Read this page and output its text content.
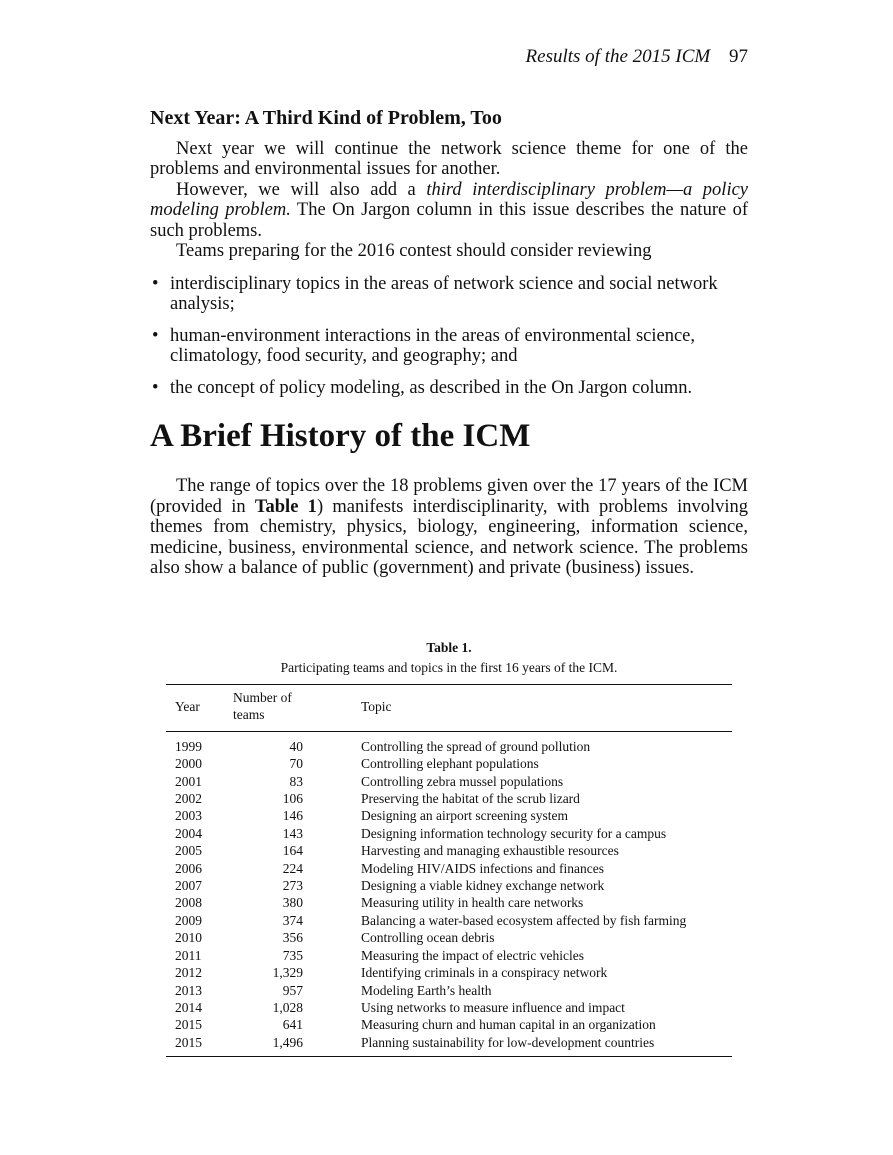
Results of the 2015 ICM 97
Next Year: A Third Kind of Problem, Too

Next year we will continue the network science theme for one of the problems and environmental issues for another.

However, we will also add a third interdisciplinary problem—a policy modeling problem. The On Jargon column in this issue describes the nature of such problems.

Teams preparing for the 2016 contest should consider reviewing

• interdisciplinary topics in the areas of network science and social network analysis;
• human-environment interactions in the areas of environmental science, climatology, food security, and geography; and
• the concept of policy modeling, as described in the On Jargon column.
A Brief History of the ICM

The range of topics over the 18 problems given over the 17 years of the ICM (provided in Table 1) manifests interdisciplinarity, with problems involving themes from chemistry, physics, biology, engineering, information science, medicine, business, environmental science, and network science. The problems also show a balance of public (government) and private (business) issues.

Table 1.
Participating teams and topics in the first 16 years of the ICM.
Year	Number of teams		Topic
1999	40		Controlling the spread of ground pollution
2000	70		Controlling elephant populations
2001	83		Controlling zebra mussel populations
2002	106		Preserving the habitat of the scrub lizard
2003	146		Designing an airport screening system
2004	143		Designing information technology security for a campus
2005	164		Harvesting and managing exhaustible resources
2006	224		Modeling HIV/AIDS infections and finances
2007	273		Designing a viable kidney exchange network
2008	380		Measuring utility in health care networks
2009	374		Balancing a water-based ecosystem affected by fish farming
2010	356		Controlling ocean debris
2011	735		Measuring the impact of electric vehicles
2012	1,329		Identifying criminals in a conspiracy network
2013	957		Modeling Earth’s health
2014	1,028		Using networks to measure influence and impact
2015	641		Measuring churn and human capital in an organization
2015	1,496		Planning sustainability for low-development countries
